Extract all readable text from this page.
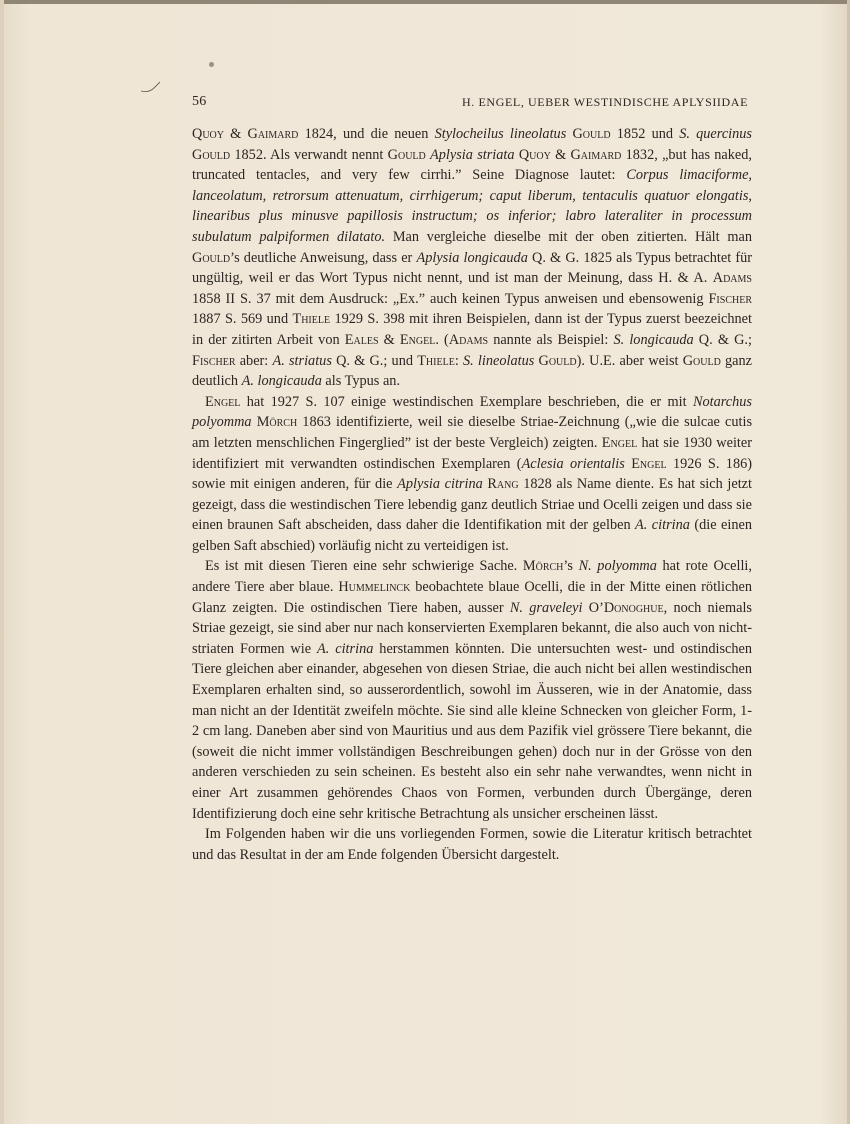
56	H. ENGEL, UEBER WESTINDISCHE APLYSIIDAE

Quoy & Gaimard 1824, und die neuen Stylocheilus lineolatus Gould 1852 und S. quercinus Gould 1852. Als verwandt nennt Gould Aplysia striata Quoy & Gaimard 1832, „but has naked, truncated tentacles, and very few cirrhi.” Seine Diagnose lautet: Corpus limaciforme, lanceolatum, retrorsum attenuatum, cirrhigerum; caput liberum, tentaculis quatuor elongatis, linearibus plus minusve papillosis instructum; os inferior; labro lateraliter in processum subulatum palpiformen dilatato. Man vergleiche dieselbe mit der oben zitierten. Hält man Gould’s deutliche Anweisung, dass er Aplysia longicauda Q. & G. 1825 als Typus betrachtet für ungültig, weil er das Wort Typus nicht nennt, und ist man der Meinung, dass H. & A. Adams 1858 II S. 37 mit dem Ausdruck: „Ex.” auch keinen Typus anweisen und ebensowenig Fischer 1887 S. 569 und Thiele 1929 S. 398 mit ihren Beispielen, dann ist der Typus zuerst beezeichnet in der zitirten Arbeit von Eales & Engel. (Adams nannte als Beispiel: S. longicauda Q. & G.; Fischer aber: A. striatus Q. & G.; und Thiele: S. lineolatus Gould). U.E. aber weist Gould ganz deutlich A. longicauda als Typus an.

Engel hat 1927 S. 107 einige westindischen Exemplare beschrieben, die er mit Notarchus polyomma Mörch 1863 identifizierte, weil sie dieselbe Striae-Zeichnung („wie die sulcae cutis am letzten menschlichen Fingerglied” ist der beste Vergleich) zeigten. Engel hat sie 1930 weiter identifiziert mit verwandten ostindischen Exemplaren (Aclesia orientalis Engel 1926 S. 186) sowie mit einigen anderen, für die Aplysia citrina Rang 1828 als Name diente. Es hat sich jetzt gezeigt, dass die westindischen Tiere lebendig ganz deutlich Striae und Ocelli zeigen und dass sie einen braunen Saft abscheiden, dass daher die Identifikation mit der gelben A. citrina (die einen gelben Saft abschied) vorläufig nicht zu verteidigen ist.

Es ist mit diesen Tieren eine sehr schwierige Sache. Mörch’s N. polyomma hat rote Ocelli, andere Tiere aber blaue. Hummelinck beobachtete blaue Ocelli, die in der Mitte einen rötlichen Glanz zeigten. Die ostindischen Tiere haben, ausser N. graveleyi O’Donoghue, noch niemals Striae gezeigt, sie sind aber nur nach konservierten Exemplaren bekannt, die also auch von nicht-striaten Formen wie A. citrina herstammen könnten. Die untersuchten west- und ostindischen Tiere gleichen aber einander, abgesehen von diesen Striae, die auch nicht bei allen westindischen Exemplaren erhalten sind, so ausserordentlich, sowohl im Äusseren, wie in der Anatomie, dass man nicht an der Identität zweifeln möchte. Sie sind alle kleine Schnecken von gleicher Form, 1-2 cm lang. Daneben aber sind von Mauritius und aus dem Pazifik viel grössere Tiere bekannt, die (soweit die nicht immer vollständigen Beschreibungen gehen) doch nur in der Grösse von den anderen verschieden zu sein scheinen. Es besteht also ein sehr nahe verwandtes, wenn nicht in einer Art zusammen gehörendes Chaos von Formen, verbunden durch Übergänge, deren Identifizierung doch eine sehr kritische Betrachtung als unsicher erscheinen lässt.

Im Folgenden haben wir die uns vorliegenden Formen, sowie die Literatur kritisch betrachtet und das Resultat in der am Ende folgenden Übersicht dargestelt.
